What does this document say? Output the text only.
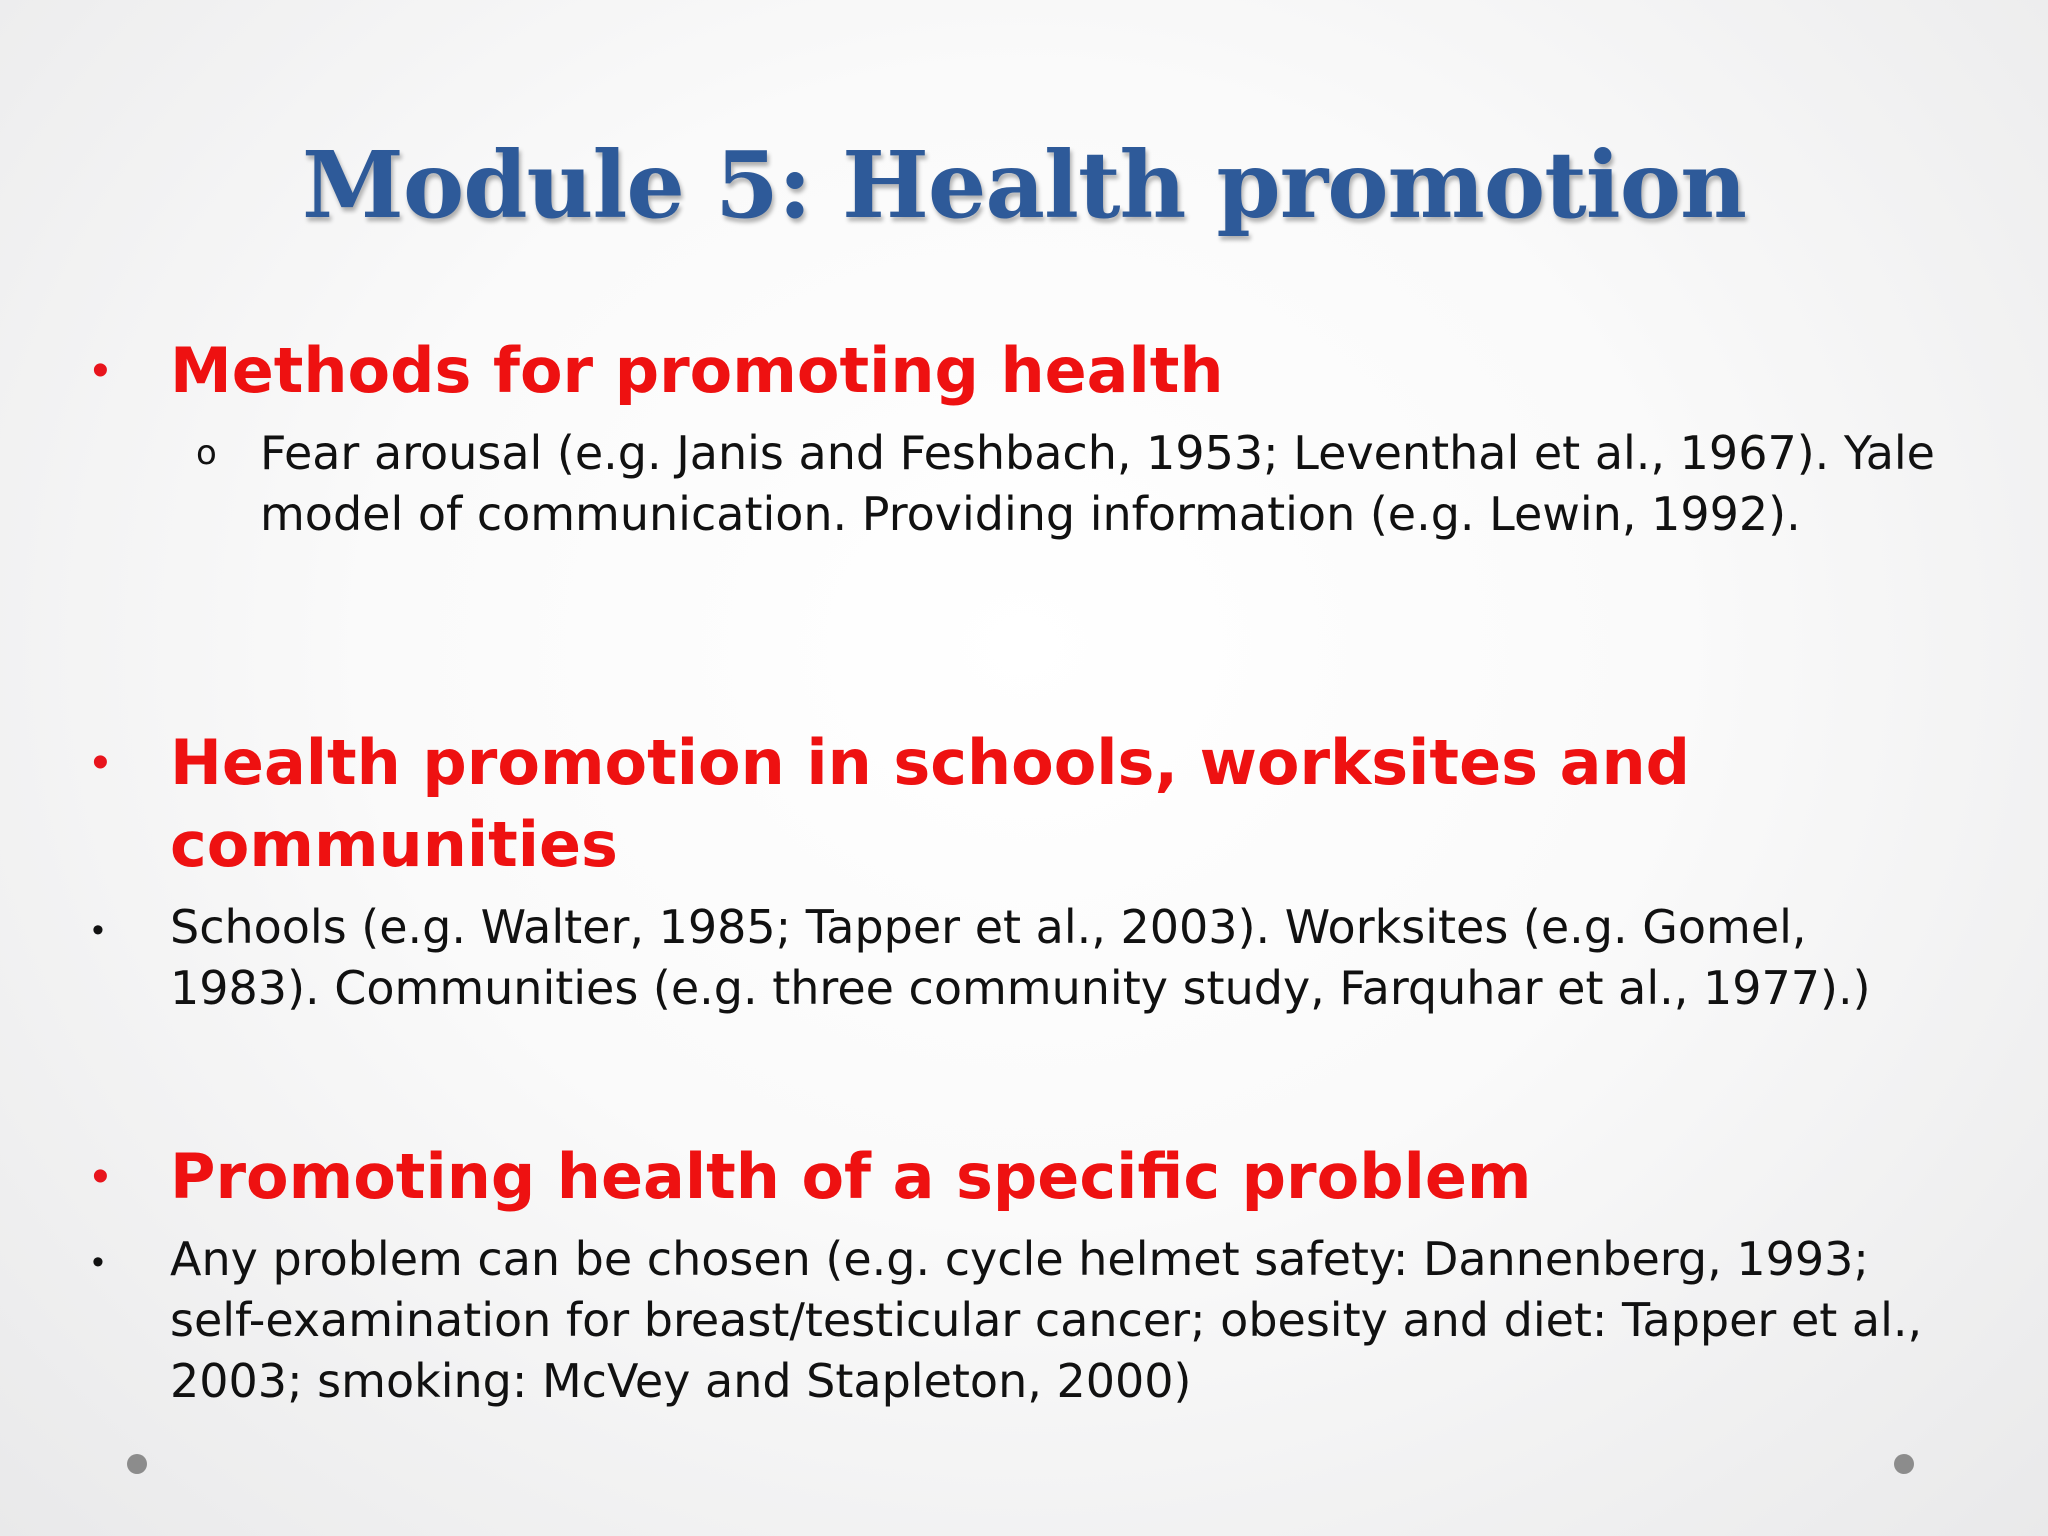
Module 5: Health promotion
• Methods for promoting health
o Fear arousal (e.g. Janis and Feshbach, 1953; Leventhal et al., 1967). Yale model of communication. Providing information (e.g. Lewin, 1992).
• Health promotion in schools, worksites and communities
• Schools (e.g. Walter, 1985; Tapper et al., 2003). Worksites (e.g. Gomel, 1983). Communities (e.g. three community study, Farquhar et al., 1977).)
• Promoting health of a specific problem
• Any problem can be chosen (e.g. cycle helmet safety: Dannenberg, 1993; self-examination for breast/testicular cancer; obesity and diet: Tapper et al., 2003; smoking: McVey and Stapleton, 2000)
